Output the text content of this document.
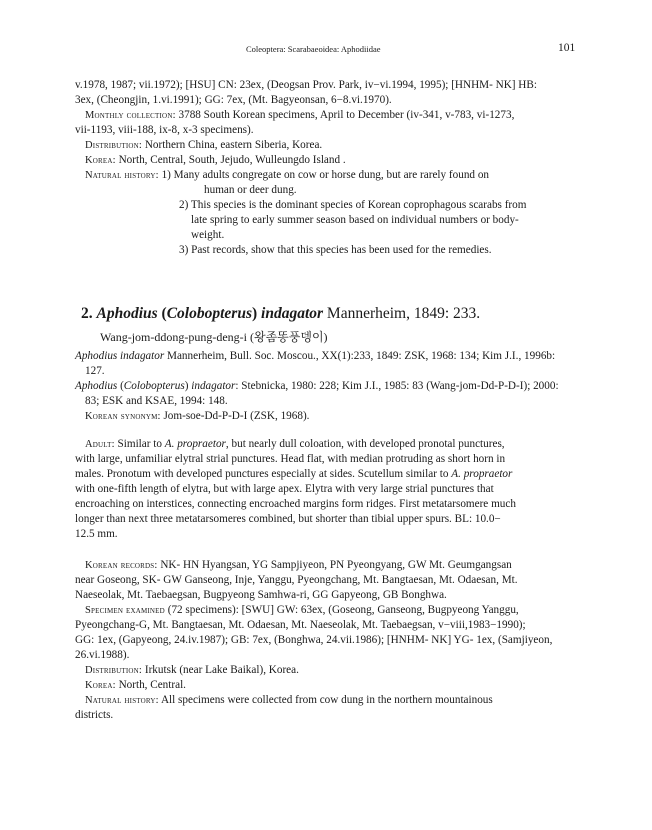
Coleoptera: Scarabaeoidea: Aphodiidae	101
v.1978, 1987; vii.1972); [HSU] CN: 23ex, (Deogsan Prov. Park, iv−vi.1994, 1995); [HNHM- NK] HB:
3ex, (Cheongjin, 1.vi.1991); GG: 7ex, (Mt. Bagyeonsan, 6−8.vi.1970).
Monthly collection: 3788 South Korean specimens, April to December (iv-341, v-783, vi-1273,
vii-1193, viii-188, ix-8, x-3 specimens).
Distribution: Northern China, eastern Siberia, Korea.
Korea: North, Central, South, Jejudo, Wulleungdo Island .
Natural history: 1) Many adults congregate on cow or horse dung, but are rarely found on
human or deer dung.
2) This species is the dominant species of Korean coprophagous scarabs from
late spring to early summer season based on individual numbers or body-
weight.
3) Past records, show that this species has been used for the remedies.
2. Aphodius (Colobopterus) indagator Mannerheim, 1849: 233.
Wang-jom-ddong-pung-deng-i (왕좀똥풍뎅이)
Aphodius indagator Mannerheim, Bull. Soc. Moscou., XX(1):233, 1849: ZSK, 1968: 134; Kim J.I., 1996b:
127.
Aphodius (Colobopterus) indagator: Stebnicka, 1980: 228; Kim J.I., 1985: 83 (Wang-jom-Dd-P-D-I); 2000:
83; ESK and KSAE, 1994: 148.
Korean synonym: Jom-soe-Dd-P-D-I (ZSK, 1968).
Adult: Similar to A. propraetor, but nearly dull coloation, with developed pronotal punctures,
with large, unfamiliar elytral strial punctures. Head flat, with median protruding as short horn in
males. Pronotum with developed punctures especially at sides. Scutellum similar to A. propraetor
with one-fifth length of elytra, but with large apex. Elytra with very large strial punctures that
encroaching on interstices, connecting encroached margins form ridges. First metatarsomere much
longer than next three metatarsomeres combined, but shorter than tibial upper spurs. BL: 10.0−
12.5 mm.
Korean records: NK- HN Hyangsan, YG Sampjiyeon, PN Pyeongyang, GW Mt. Geumgangsan
near Goseong, SK- GW Ganseong, Inje, Yanggu, Pyeongchang, Mt. Bangtaesan, Mt. Odaesan, Mt.
Naeseolak, Mt. Taebaegsan, Bugpyeong Samhwa-ri, GG Gapyeong, GB Bonghwa.
Specimen examined (72 specimens): [SWU] GW: 63ex, (Goseong, Ganseong, Bugpyeong Yanggu,
Pyeongchang-G, Mt. Bangtaesan, Mt. Odaesan, Mt. Naeseolak, Mt. Taebaegsan, v−viii,1983−1990);
GG: 1ex, (Gapyeong, 24.iv.1987); GB: 7ex, (Bonghwa, 24.vii.1986); [HNHM- NK] YG- 1ex, (Samjiyeon,
26.vi.1988).
Distribution: Irkutsk (near Lake Baikal), Korea.
Korea: North, Central.
Natural history: All specimens were collected from cow dung in the northern mountainous
districts.
